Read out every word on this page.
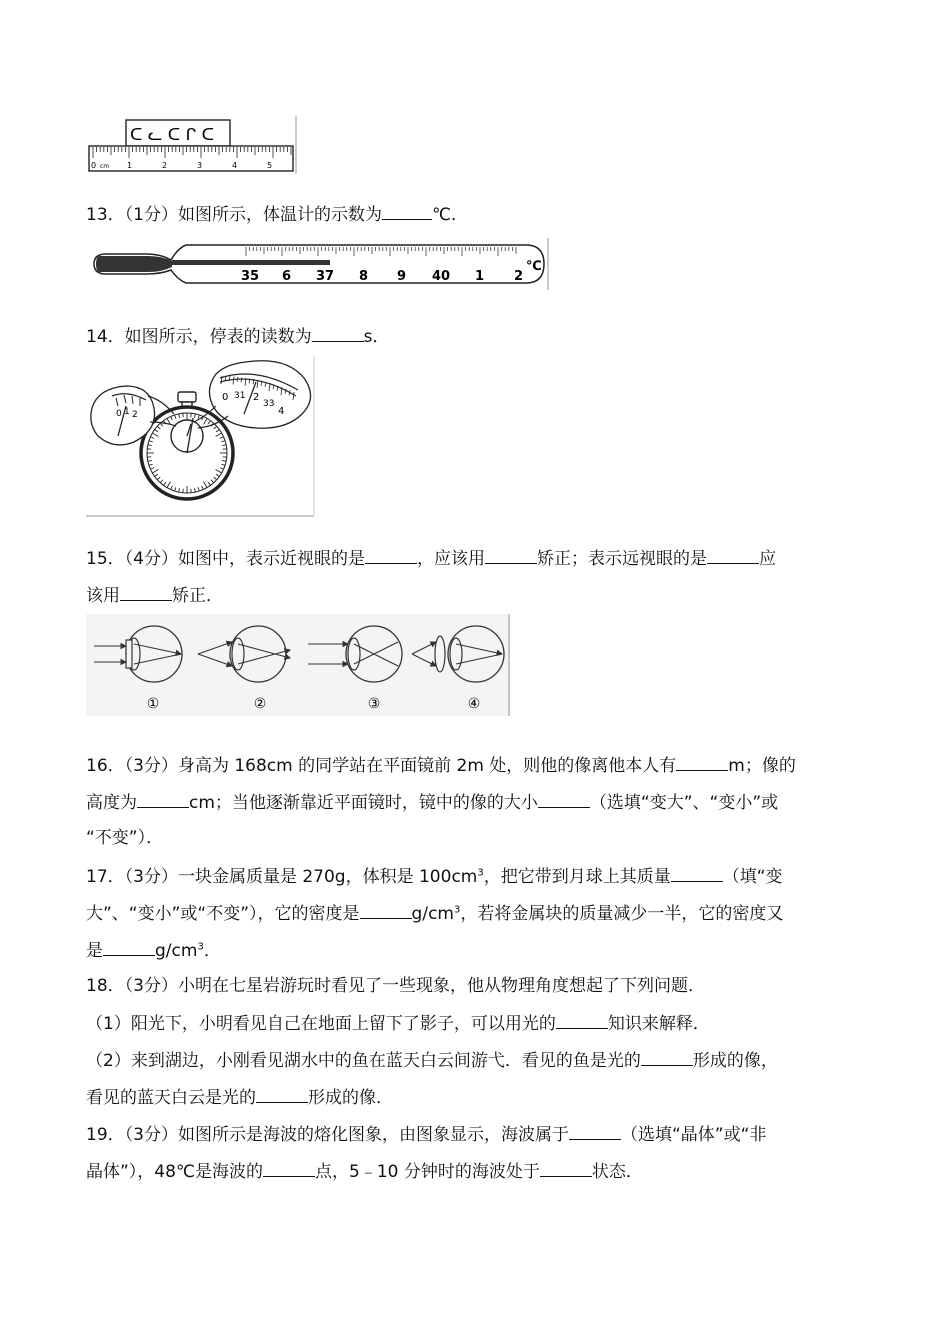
ᑕ ᓚ ᑕ ᒋ ᑕ
0 cm 1	2	3	4	5
13．（1分）如图所示，体温计的示数为	℃．
35 6 37 8 9 40 1 2
℃
14．如图所示，停表的读数为	s．
0 1 2
0 31 2
33
4
15．（4分）如图中，表示近视眼的是	，应该用	矫正；表示远视眼的是	应
该用	矫正．
①	②	③	④
16．（3分）身高为 168cm 的同学站在平面镜前 2m 处，则他的像离他本人有	m；像的
高度为	cm；当他逐渐靠近平面镜时，镜中的像的大小	（选填“变大”、“变小”或
“不变”）．
17．（3分）一块金属质量是 270g，体积是 $100cm^3$，把它带到月球上其质量	（填“变
大”、“变小”或“不变”），它的密度是	$g/cm^3$，若将金属块的质量减少一半，它的密度又
是	$g/cm^3$．
18．（3分）小明在七星岩游玩时看见了一些现象，他从物理角度想起了下列问题．
（1）阳光下，小明看见自己在地面上留下了影子，可以用光的	知识来解释．
（2）来到湖边，小刚看见湖水中的鱼在蓝天白云间游弋．看见的鱼是光的	形成的像，
看见的蓝天白云是光的	形成的像．
19．（3分）如图所示是海波的熔化图象，由图象显示，海波属于	（选填“晶体”或“非
晶体”），48℃是海波的	点，5﹣10 分钟时的海波处于	状态．
